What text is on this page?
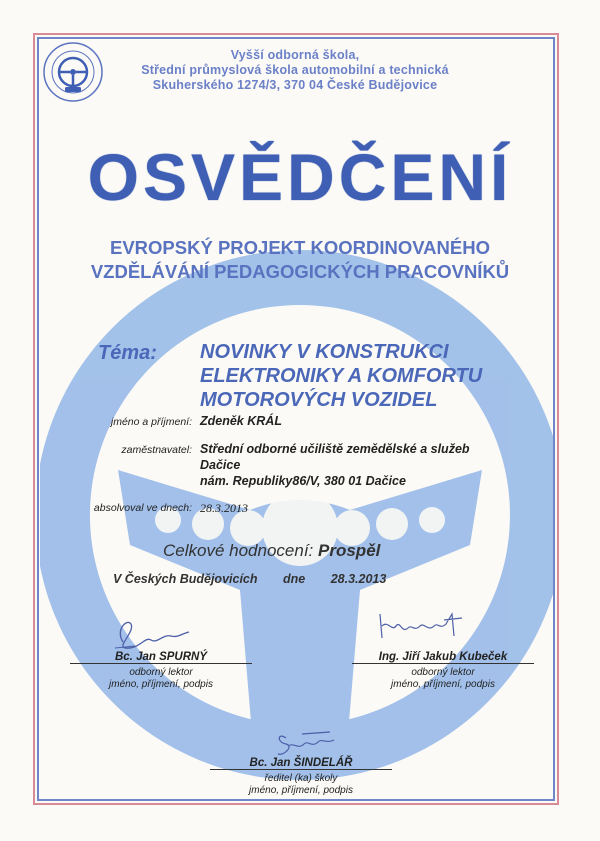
Vyšší odborná škola,
Střední průmyslová škola automobilní a technická
Skuherského 1274/3, 370 04 České Budějovice
OSVĚDČENÍ
EVROPSKÝ PROJEKT KOORDINOVANÉHO
VZDĚLÁVÁNÍ PEDAGOGICKÝCH PRACOVNÍKŮ
Téma: NOVINKY V KONSTRUKCI
ELEKTRONIKY A KOMFORTU
MOTOROVÝCH VOZIDEL
jméno a příjmení: Zdeněk KRÁL
zaměstnavatel: Střední odborné učiliště zemědělské a služeb
Dačice
nám. Republiky86/V, 380 01 Dačice
absolvoval ve dnech: 28.3.2013
Celkové hodnocení: Prospěl
V Českých Budějovicích dne 28.3.2013
Bc. Jan SPURNÝ
odborný lektor
jméno, příjmení, podpis
Ing. Jiří Jakub Kubeček
odborný lektor
jméno, příjmení, podpis
Bc. Jan ŠINDELÁŘ
ředitel (ka) školy
jméno, příjmení, podpis
